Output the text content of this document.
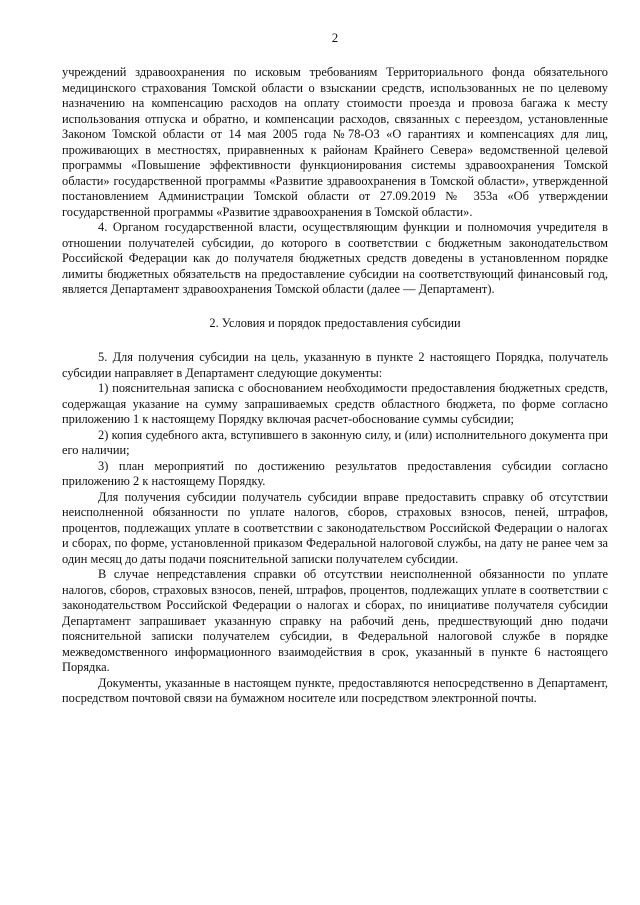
2

учреждений здравоохранения по исковым требованиям Территориального фонда обязательного медицинского страхования Томской области о взыскании средств, использованных не по целевому назначению на компенсацию расходов на оплату стоимости проезда и провоза багажа к месту использования отпуска и обратно, и компенсации расходов, связанных с переездом, установленные Законом Томской области от 14 мая 2005 года №78-ОЗ «О гарантиях и компенсациях для лиц, проживающих в местностях, приравненных к районам Крайнего Севера» ведомственной целевой программы «Повышение эффективности функционирования системы здравоохранения Томской области» государственной программы «Развитие здравоохранения в Томской области», утвержденной постановлением Администрации Томской области от 27.09.2019 № 353а «Об утверждении государственной программы «Развитие здравоохранения в Томской области».

4. Органом государственной власти, осуществляющим функции и полномочия учредителя в отношении получателей субсидии, до которого в соответствии с бюджетным законодательством Российской Федерации как до получателя бюджетных средств доведены в установленном порядке лимиты бюджетных обязательств на предоставление субсидии на соответствующий финансовый год, является Департамент здравоохранения Томской области (далее — Департамент).

2. Условия и порядок предоставления субсидии

5. Для получения субсидии на цель, указанную в пункте 2 настоящего Порядка, получатель субсидии направляет в Департамент следующие документы:

1) пояснительная записка с обоснованием необходимости предоставления бюджетных средств, содержащая указание на сумму запрашиваемых средств областного бюджета, по форме согласно приложению 1 к настоящему Порядку включая расчет-обоснование суммы субсидии;

2) копия судебного акта, вступившего в законную силу, и (или) исполнительного документа при его наличии;

3) план мероприятий по достижению результатов предоставления субсидии согласно приложению 2 к настоящему Порядку.

Для получения субсидии получатель субсидии вправе предоставить справку об отсутствии неисполненной обязанности по уплате налогов, сборов, страховых взносов, пеней, штрафов, процентов, подлежащих уплате в соответствии с законодательством Российской Федерации о налогах и сборах, по форме, установленной приказом Федеральной налоговой службы, на дату не ранее чем за один месяц до даты подачи пояснительной записки получателем субсидии.

В случае непредставления справки об отсутствии неисполненной обязанности по уплате налогов, сборов, страховых взносов, пеней, штрафов, процентов, подлежащих уплате в соответствии с законодательством Российской Федерации о налогах и сборах, по инициативе получателя субсидии Департамент запрашивает указанную справку на рабочий день, предшествующий дню подачи пояснительной записки получателем субсидии, в Федеральной налоговой службе в порядке межведомственного информационного взаимодействия в срок, указанный в пункте 6 настоящего Порядка.

Документы, указанные в настоящем пункте, предоставляются непосредственно в Департамент, посредством почтовой связи на бумажном носителе или посредством электронной почты.
